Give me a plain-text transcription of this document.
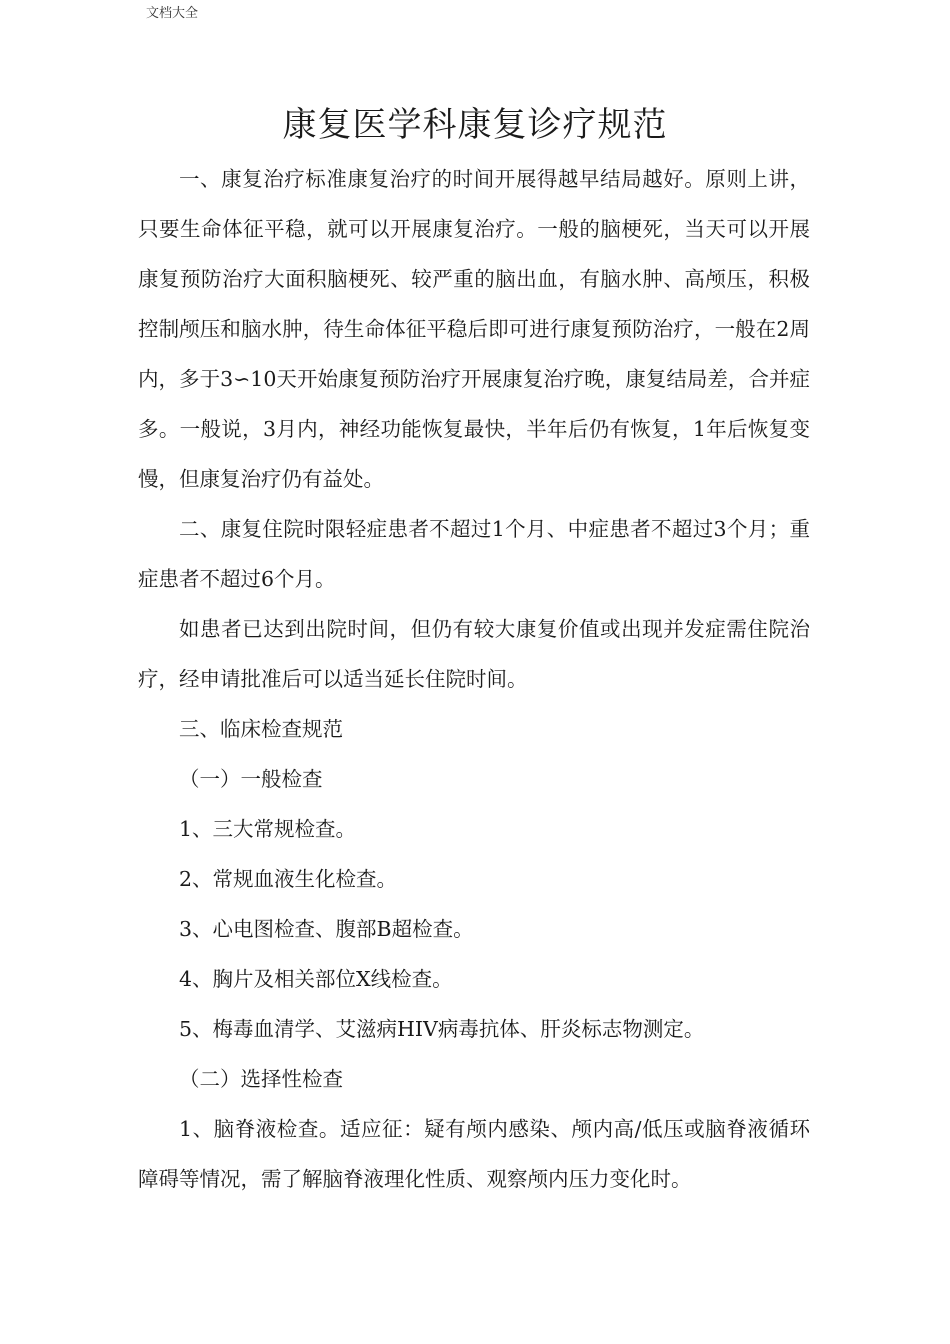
文档大全
康复医学科康复诊疗规范

一、康复治疗标准康复治疗的时间开展得越早结局越好。原则上讲，只要生命体征平稳，就可以开展康复治疗。一般的脑梗死，当天可以开展康复预防治疗大面积脑梗死、较严重的脑出血，有脑水肿、高颅压，积极控制颅压和脑水肿，待生命体征平稳后即可进行康复预防治疗，一般在2周内，多于3∽10天开始康复预防治疗开展康复治疗晚，康复结局差，合并症多。一般说，3月内，神经功能恢复最快，半年后仍有恢复，1年后恢复变慢，但康复治疗仍有益处。

二、康复住院时限轻症患者不超过1个月、中症患者不超过3个月；重症患者不超过6个月。

如患者已达到出院时间，但仍有较大康复价值或出现并发症需住院治疗，经申请批准后可以适当延长住院时间。

三、临床检查规范

（一）一般检查

1、三大常规检查。

2、常规血液生化检查。

3、心电图检查、腹部B超检查。

4、胸片及相关部位X线检查。

5、梅毒血清学、艾滋病HIV病毒抗体、肝炎标志物测定。

（二）选择性检查

1、脑脊液检查。适应征：疑有颅内感染、颅内高/低压或脑脊液循环障碍等情况，需了解脑脊液理化性质、观察颅内压力变化时。
